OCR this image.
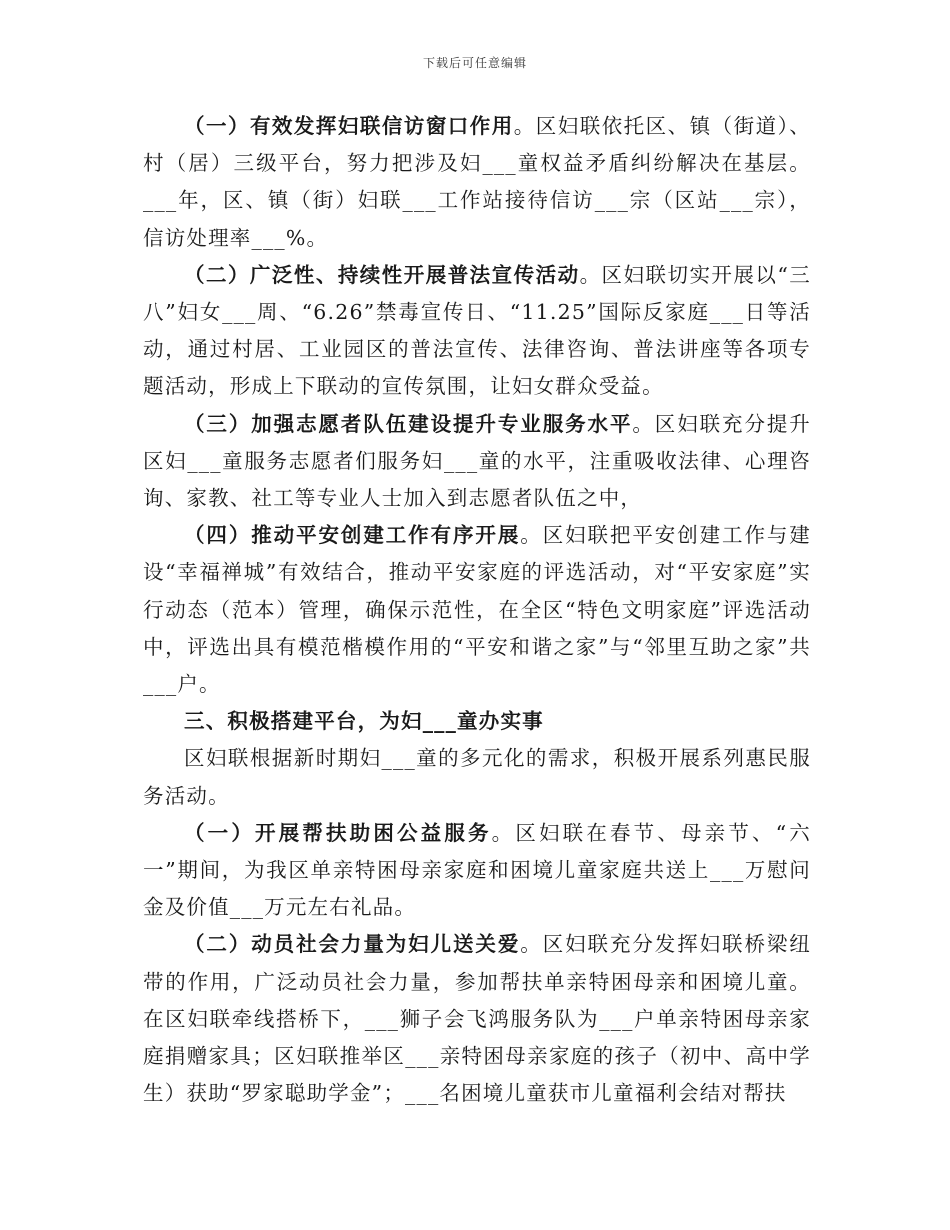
下载后可任意编辑

（一）有效发挥妇联信访窗口作用。区妇联依托区、镇（街道）、村（居）三级平台，努力把涉及妇___童权益矛盾纠纷解决在基层。___年，区、镇（街）妇联___工作站接待信访___宗（区站___宗），信访处理率___%。

（二）广泛性、持续性开展普法宣传活动。区妇联切实开展以“三八”妇女___周、“6.26”禁毒宣传日、“11.25”国际反家庭___日等活动，通过村居、工业园区的普法宣传、法律咨询、普法讲座等各项专题活动，形成上下联动的宣传氛围，让妇女群众受益。

（三）加强志愿者队伍建设提升专业服务水平。区妇联充分提升区妇___童服务志愿者们服务妇___童的水平，注重吸收法律、心理咨询、家教、社工等专业人士加入到志愿者队伍之中，

（四）推动平安创建工作有序开展。区妇联把平安创建工作与建设“幸福禅城”有效结合，推动平安家庭的评选活动，对“平安家庭”实行动态（范本）管理，确保示范性，在全区“特色文明家庭”评选活动中，评选出具有模范楷模作用的“平安和谐之家”与“邻里互助之家”共___户。

三、积极搭建平台，为妇___童办实事

区妇联根据新时期妇___童的多元化的需求，积极开展系列惠民服务活动。

（一）开展帮扶助困公益服务。区妇联在春节、母亲节、“六一”期间，为我区单亲特困母亲家庭和困境儿童家庭共送上___万慰问金及价值___万元左右礼品。

（二）动员社会力量为妇儿送关爱。区妇联充分发挥妇联桥梁纽带的作用，广泛动员社会力量，参加帮扶单亲特困母亲和困境儿童。在区妇联牵线搭桥下，___狮子会飞鸿服务队为___户单亲特困母亲家庭捐赠家具；区妇联推举区___亲特困母亲家庭的孩子（初中、高中学生）获助“罗家聪助学金”；___名困境儿童获市儿童福利会结对帮扶
